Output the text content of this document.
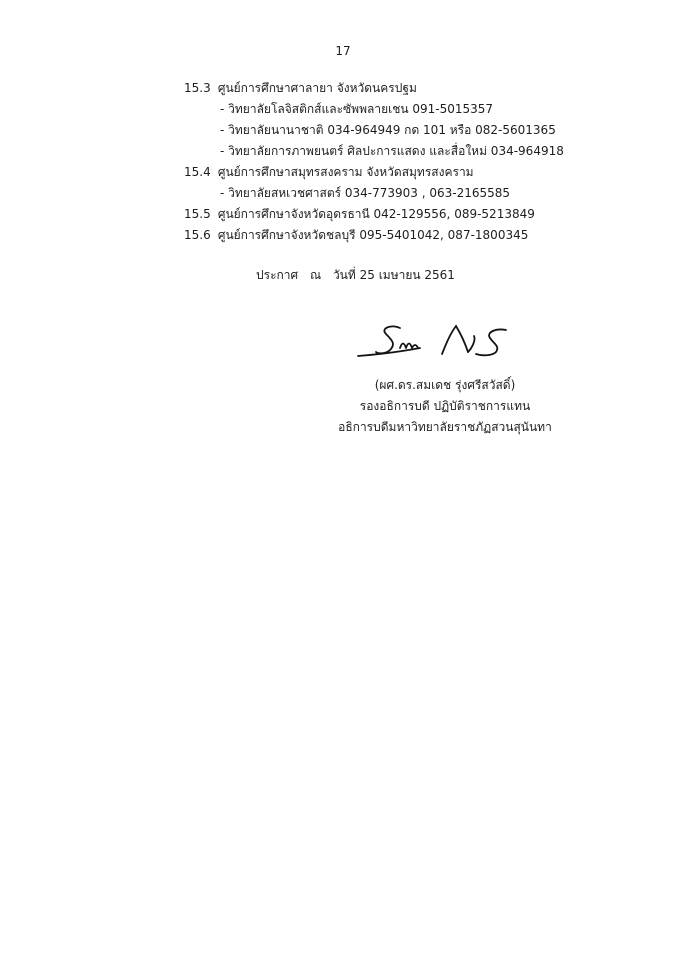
17
15.3 ศูนย์การศึกษาศาลายา จังหวัดนครปฐม
- วิทยาลัยโลจิสติกส์และซัพพลายเชน 091-5015357
- วิทยาลัยนานาชาติ 034-964949 กด 101 หรือ 082-5601365
- วิทยาลัยการภาพยนตร์ ศิลปะการแสดง และสื่อใหม่ 034-964918
15.4 ศูนย์การศึกษาสมุทรสงคราม จังหวัดสมุทรสงคราม
- วิทยาลัยสหเวชศาสตร์ 034-773903 , 063-2165585
15.5 ศูนย์การศึกษาจังหวัดอุดรธานี 042-129556, 089-5213849
15.6 ศูนย์การศึกษาจังหวัดชลบุรี 095-5401042, 087-1800345
ประกาศ ณ วันที่ 25 เมษายน 2561
(ผศ.ดร.สมเดช รุ่งศรีสวัสดิ์)
รองอธิการบดี ปฏิบัติราชการแทน
อธิการบดีมหาวิทยาลัยราชภัฏสวนสุนันทา
